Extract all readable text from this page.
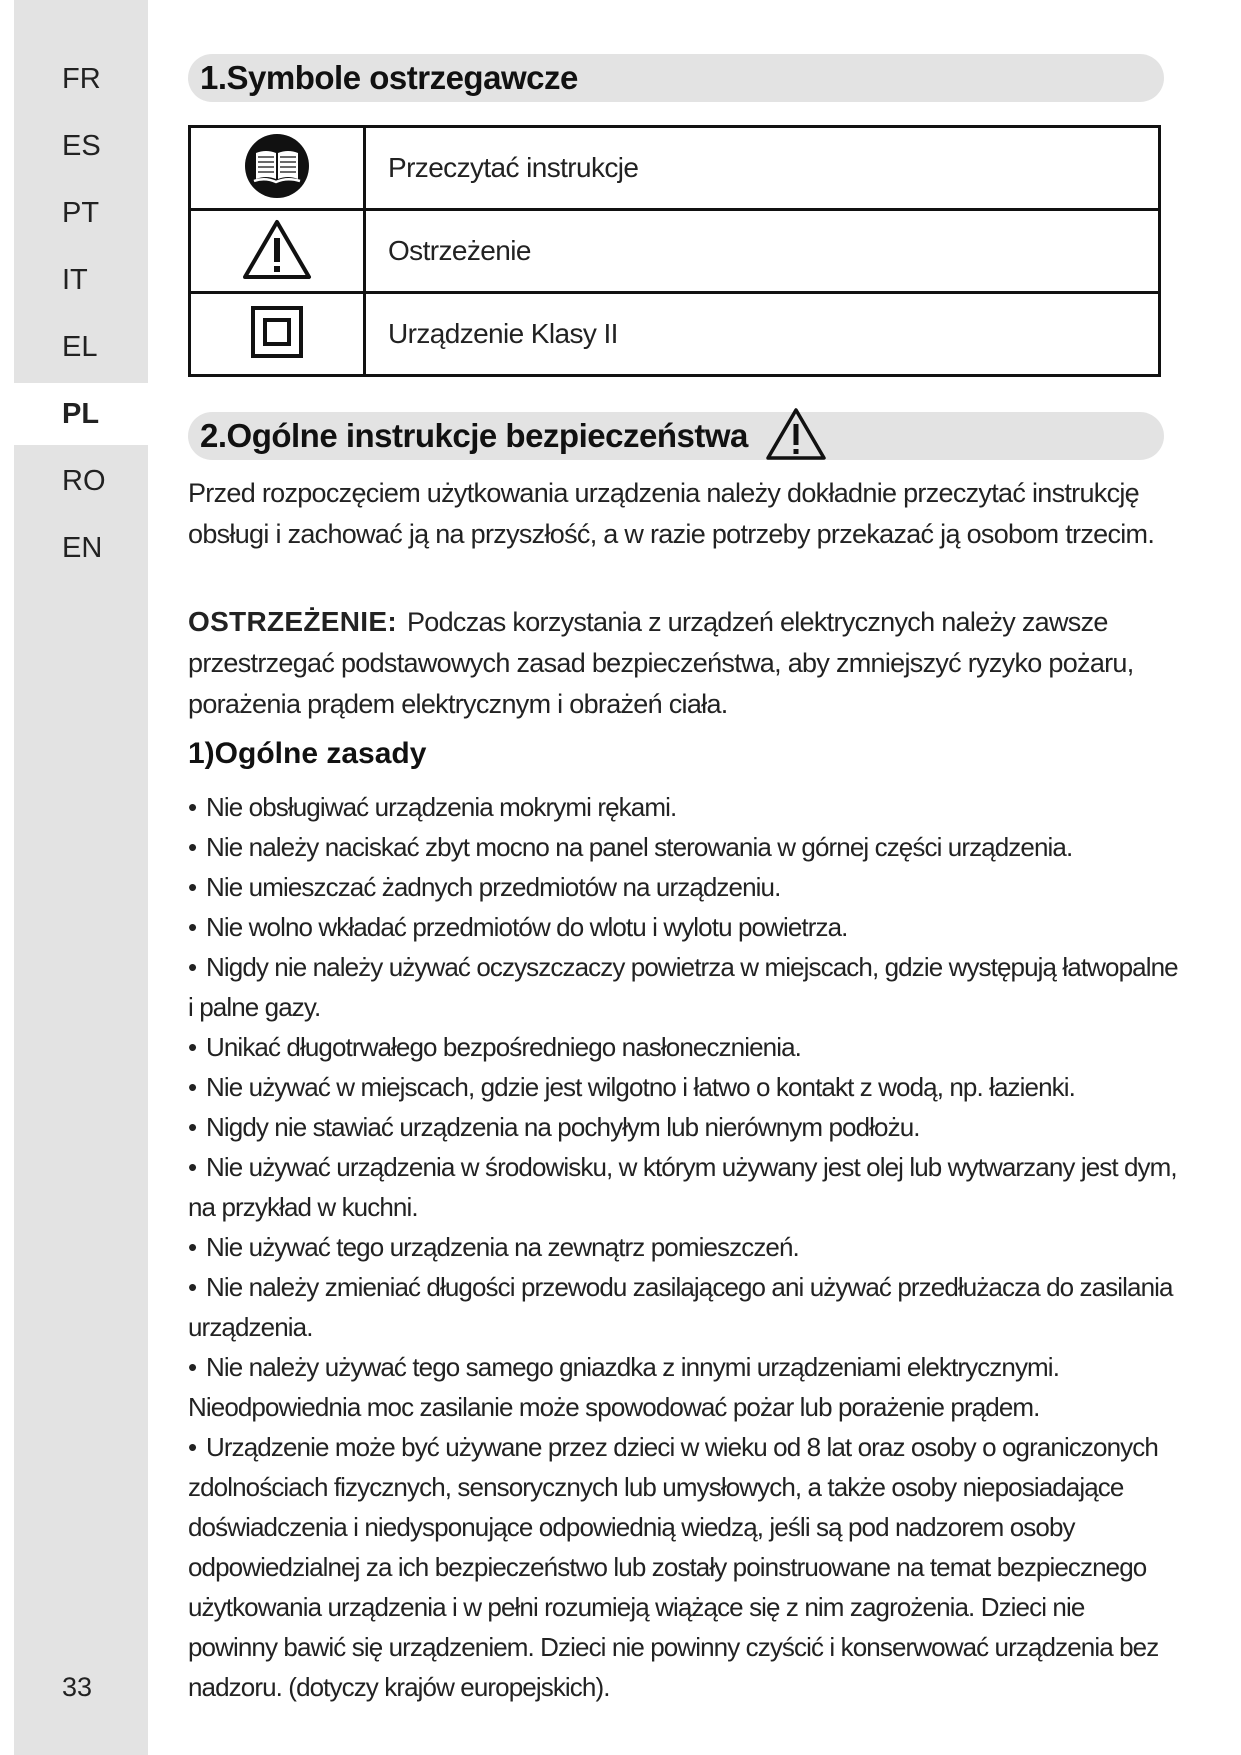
FR
ES
PT
IT
EL
PL
RO
EN
33
1.Symbole ostrzegawcze
	Przeczytać instrukcje
	Ostrzeżenie
	Urządzenie Klasy II
2.Ogólne instrukcje bezpieczeństwa
Przed rozpoczęciem użytkowania urządzenia należy dokładnie przeczytać instrukcję obsługi i zachować ją na przyszłość, a w razie potrzeby przekazać ją osobom trzecim.
OSTRZEŻENIE: Podczas korzystania z urządzeń elektrycznych należy zawsze przestrzegać podstawowych zasad bezpieczeństwa, aby zmniejszyć ryzyko pożaru, porażenia prądem elektrycznym i obrażeń ciała.
1)Ogólne zasady
• Nie obsługiwać urządzenia mokrymi rękami.
• Nie należy naciskać zbyt mocno na panel sterowania w górnej części urządzenia.
• Nie umieszczać żadnych przedmiotów na urządzeniu.
• Nie wolno wkładać przedmiotów do wlotu i wylotu powietrza.
• Nigdy nie należy używać oczyszczaczy powietrza w miejscach, gdzie występują łatwopalne i palne gazy.
• Unikać długotrwałego bezpośredniego nasłonecznienia.
• Nie używać w miejscach, gdzie jest wilgotno i łatwo o kontakt z wodą, np. łazienki.
• Nigdy nie stawiać urządzenia na pochyłym lub nierównym podłożu.
• Nie używać urządzenia w środowisku, w którym używany jest olej lub wytwarzany jest dym, na przykład w kuchni.
• Nie używać tego urządzenia na zewnątrz pomieszczeń.
• Nie należy zmieniać długości przewodu zasilającego ani używać przedłużacza do zasilania urządzenia.
• Nie należy używać tego samego gniazdka z innymi urządzeniami elektrycznymi. Nieodpowiednia moc zasilanie może spowodować pożar lub porażenie prądem.
• Urządzenie może być używane przez dzieci w wieku od 8 lat oraz osoby o ograniczonych zdolnościach fizycznych, sensorycznych lub umysłowych, a także osoby nieposiadające doświadczenia i niedysponujące odpowiednią wiedzą, jeśli są pod nadzorem osoby odpowiedzialnej za ich bezpieczeństwo lub zostały poinstruowane na temat bezpiecznego użytkowania urządzenia i w pełni rozumieją wiążące się z nim zagrożenia. Dzieci nie powinny bawić się urządzeniem. Dzieci nie powinny czyścić i konserwować urządzenia bez nadzoru. (dotyczy krajów europejskich).
